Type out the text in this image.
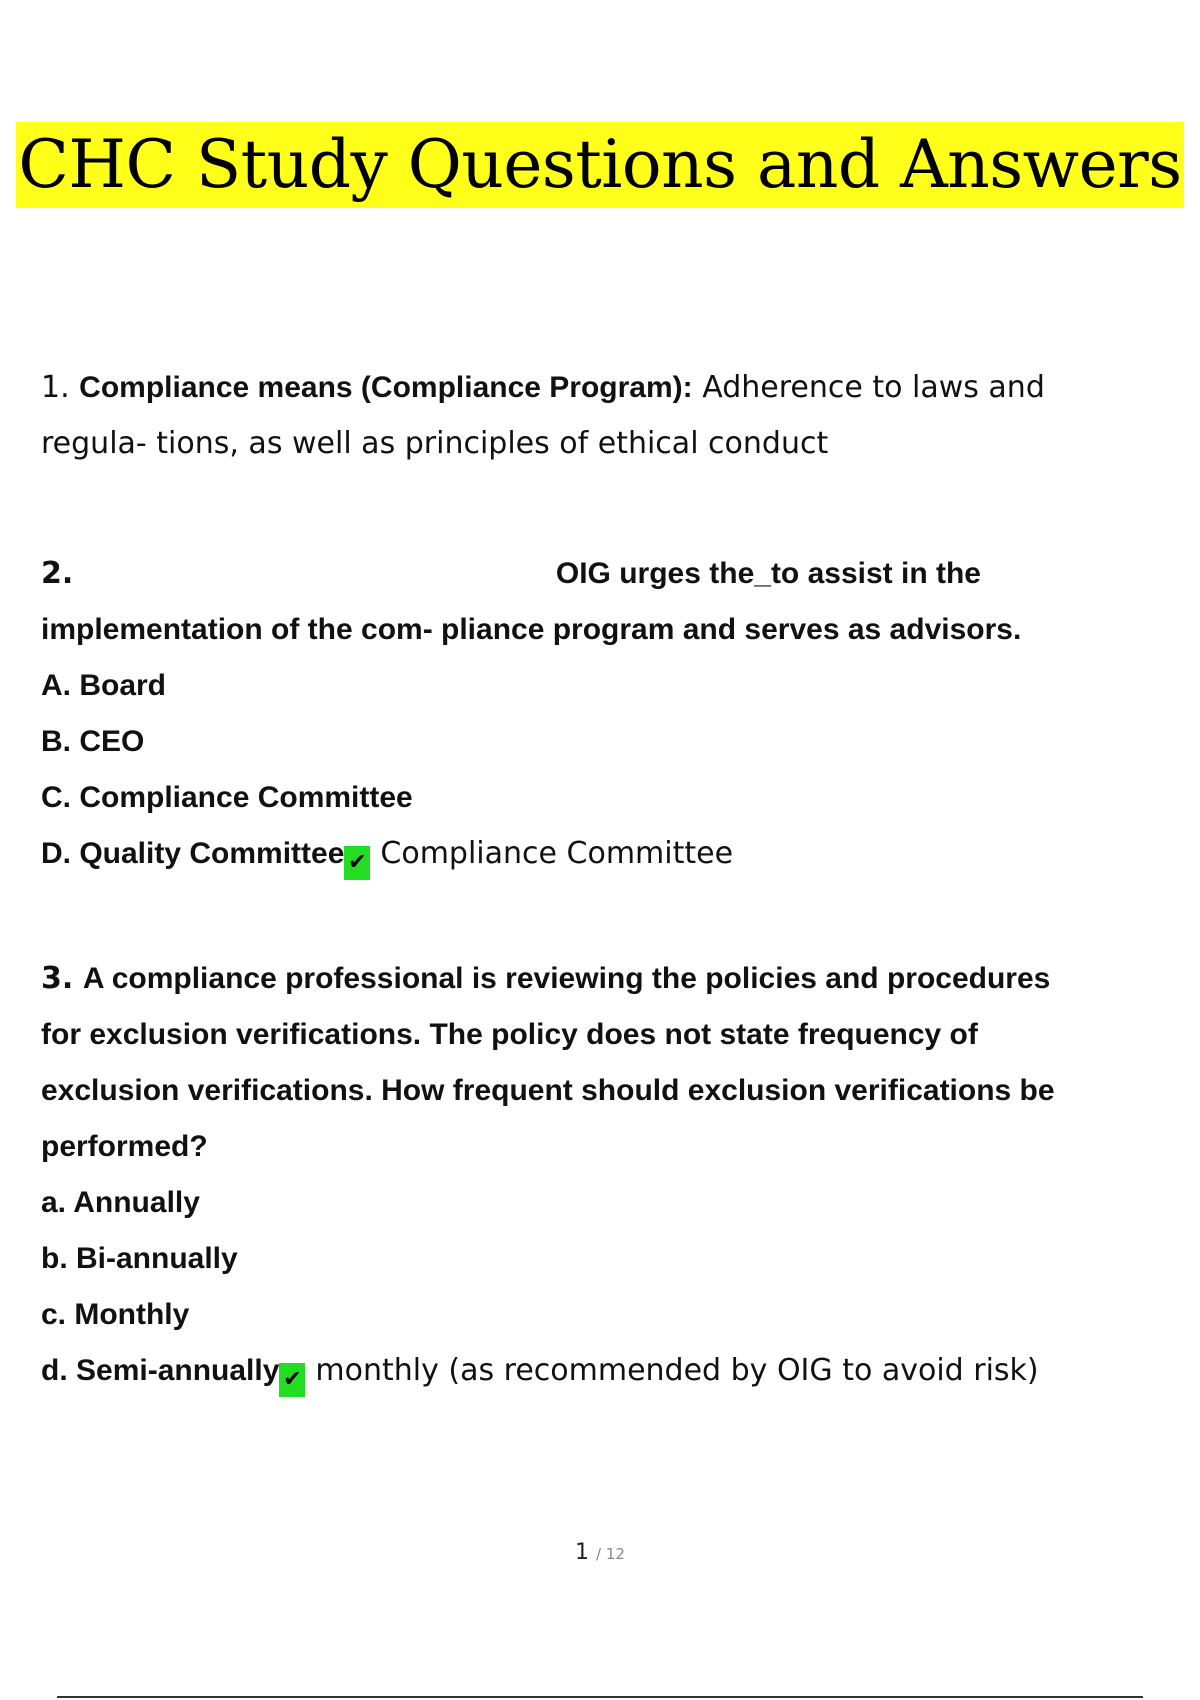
CHC Study Questions and Answers
1. Compliance means (Compliance Program): Adherence to laws and
regula- tions, as well as principles of ethical conduct
2.	OIG urges the_to assist in the
implementation of the com- pliance program and serves as advisors.
A. Board
B. CEO
C. Compliance Committee
D. Quality Committee ✔ Compliance Committee
3. A compliance professional is reviewing the policies and procedures
for exclusion verifications. The policy does not state frequency of
exclusion verifications. How frequent should exclusion verifications be
performed?
a. Annually
b. Bi-annually
c. Monthly
d. Semi-annually ✔ monthly (as recommended by OIG to avoid risk)
1 / 12
